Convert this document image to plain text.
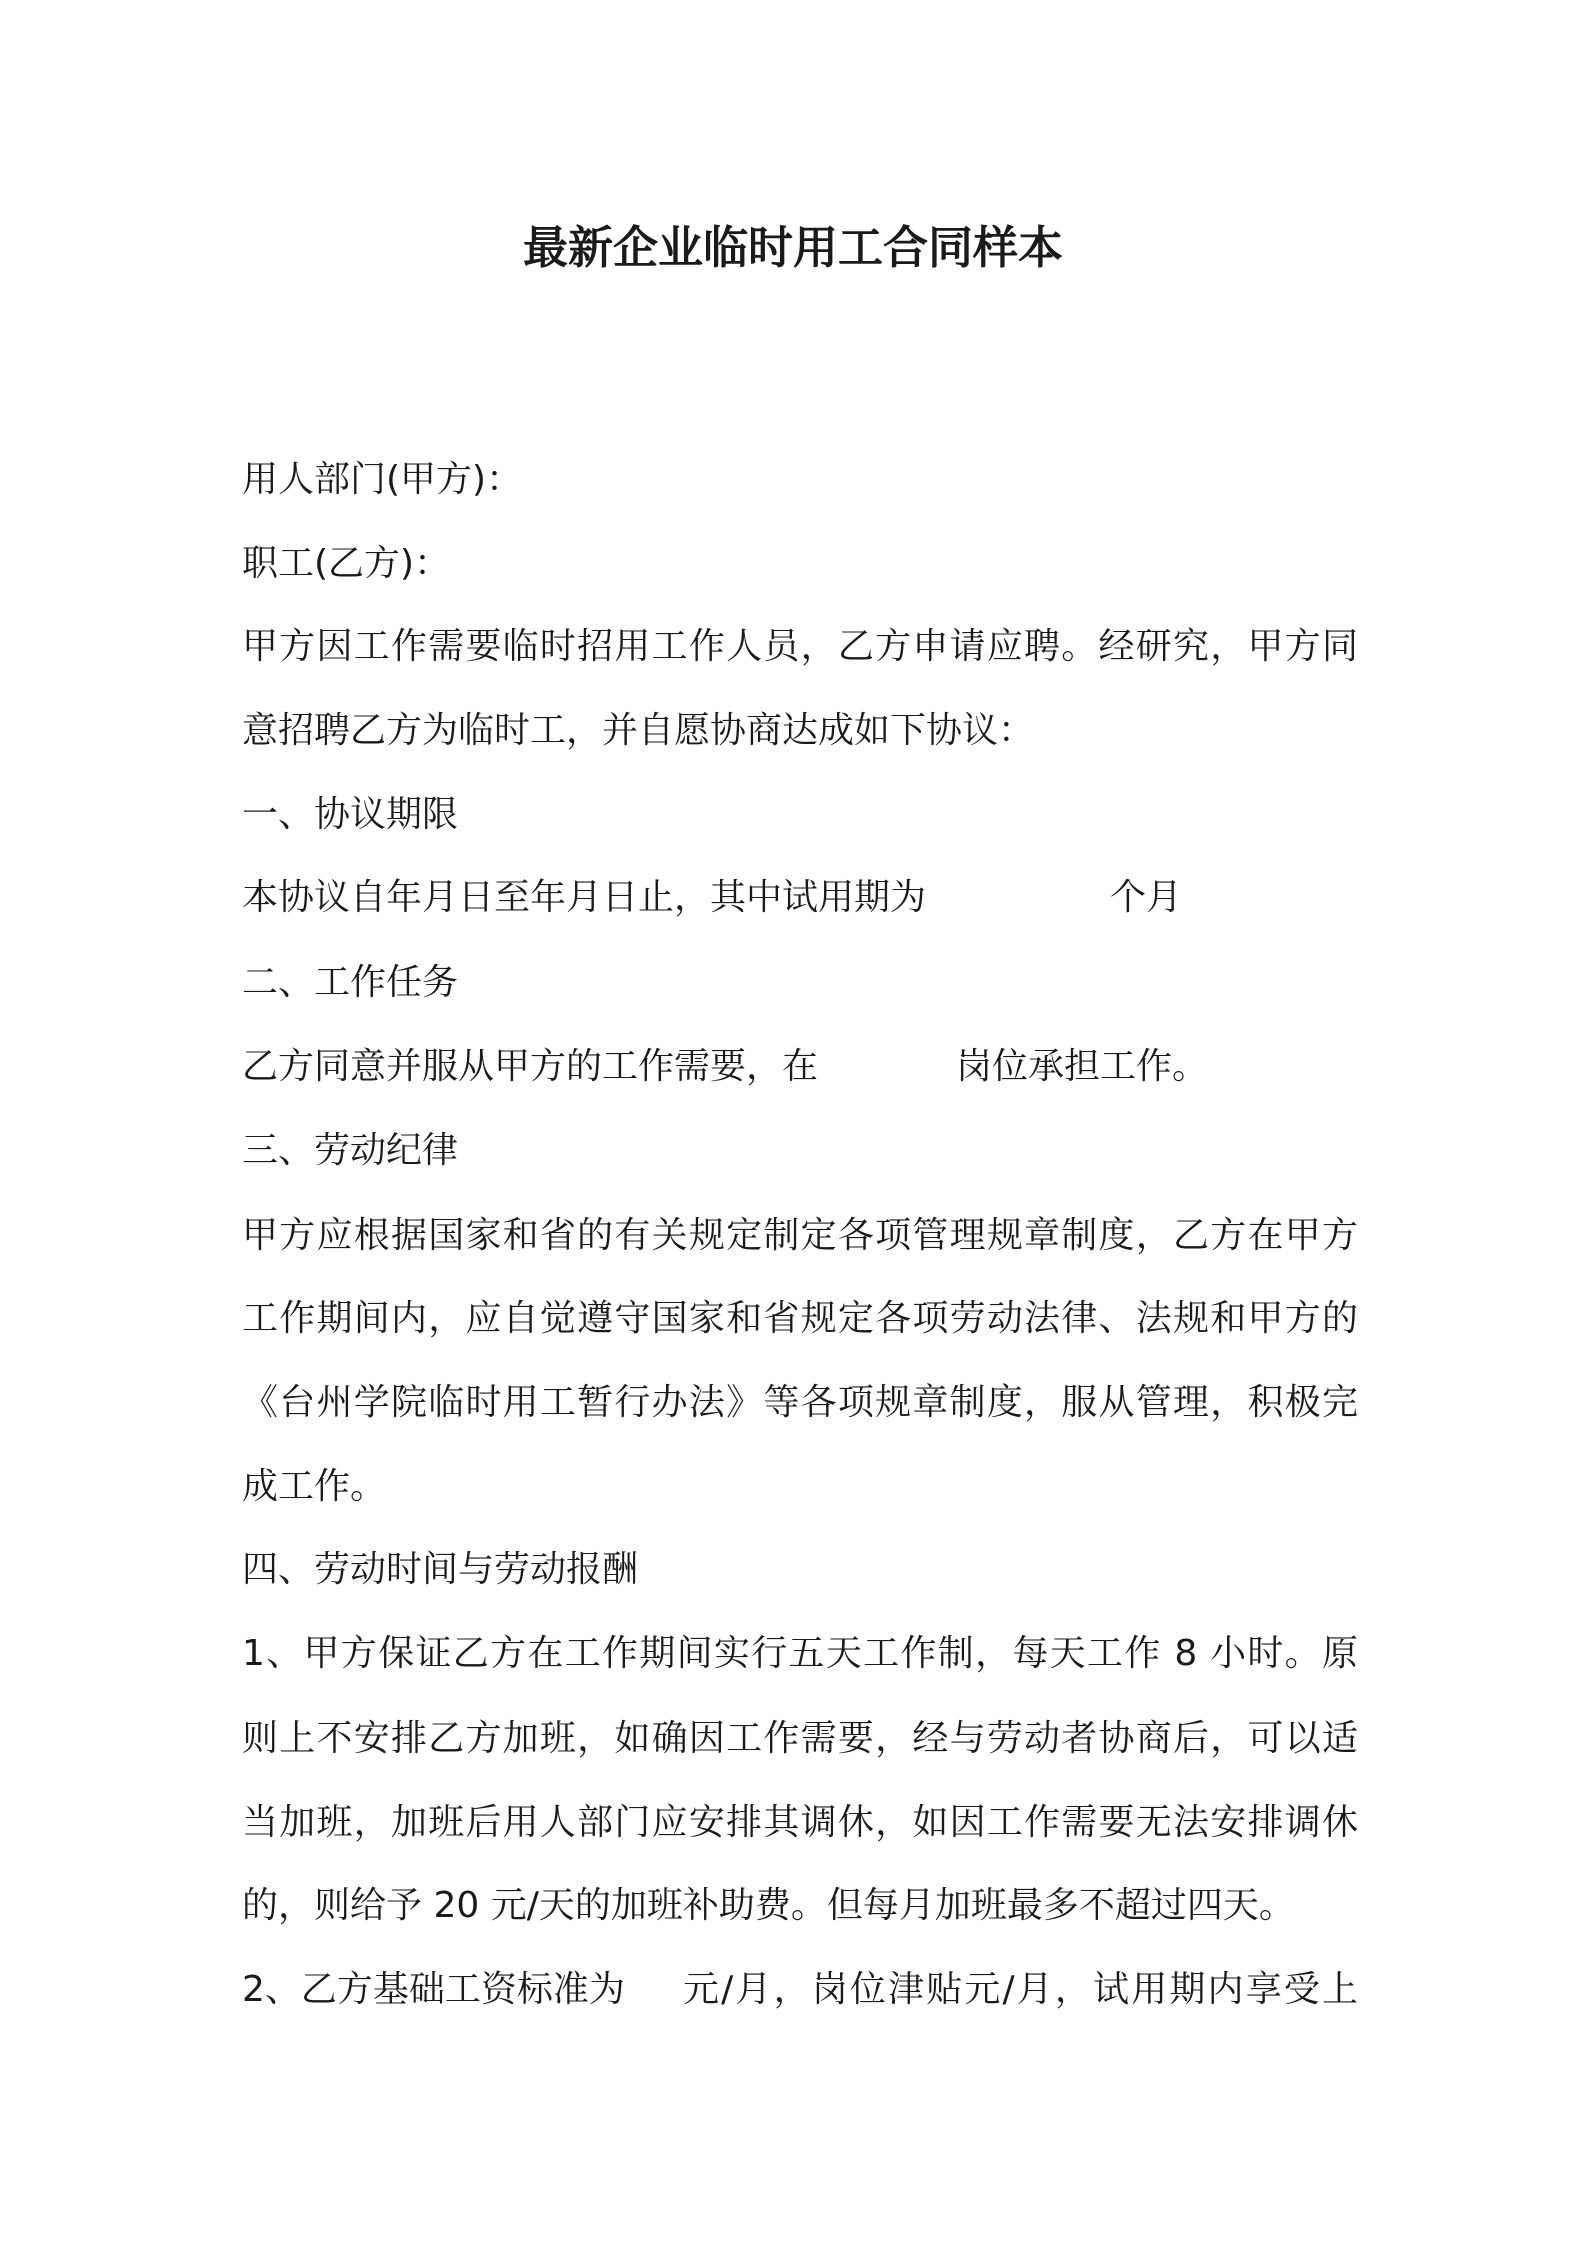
最新企业临时用工合同样本
用人部门(甲方)：
职工(乙方)：
甲方因工作需要临时招用工作人员，乙方申请应聘。经研究，甲方同
意招聘乙方为临时工，并自愿协商达成如下协议：
一、协议期限
本协议自年月日至年月日止，其中试用期为	个月
二、工作任务
乙方同意并服从甲方的工作需要，在	岗位承担工作。
三、劳动纪律
甲方应根据国家和省的有关规定制定各项管理规章制度，乙方在甲方
工作期间内，应自觉遵守国家和省规定各项劳动法律、法规和甲方的
《台州学院临时用工暂行办法》等各项规章制度，服从管理，积极完
成工作。
四、劳动时间与劳动报酬
1、甲方保证乙方在工作期间实行五天工作制，每天工作 8 小时。原
则上不安排乙方加班，如确因工作需要，经与劳动者协商后，可以适
当加班，加班后用人部门应安排其调休，如因工作需要无法安排调休
的，则给予 20 元/天的加班补助费。但每月加班最多不超过四天。
2、乙方基础工资标准为 元/月，岗位津贴元/月，试用期内享受上
